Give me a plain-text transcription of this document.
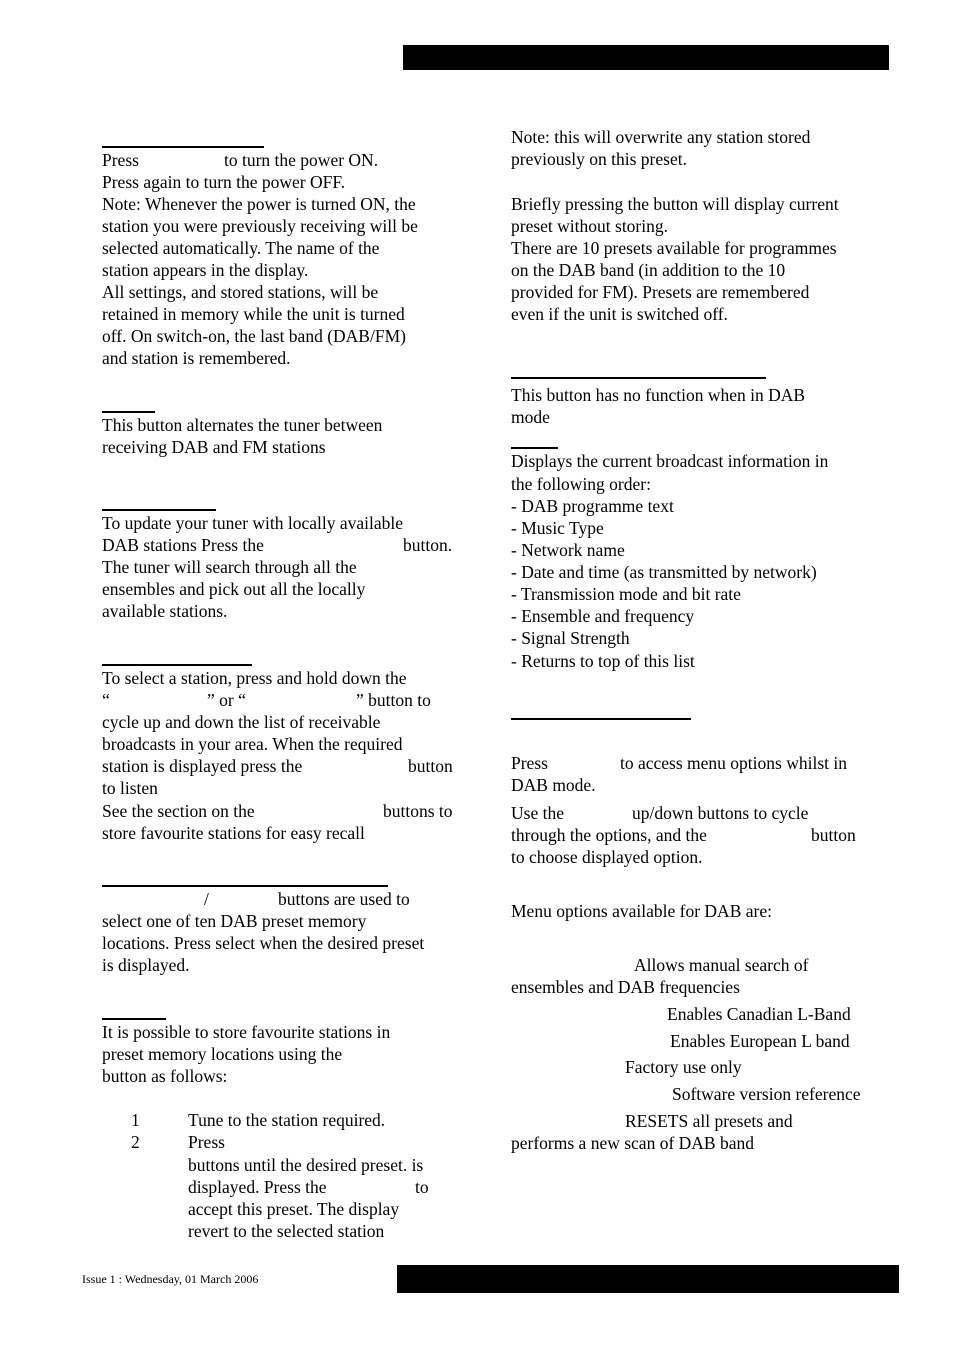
Issue 1 : Wednesday, 01 March 2006
Press	to turn the power ON.
Press again to turn the power OFF.
Note: Whenever the power is turned ON, the
station you were previously receiving will be
selected automatically. The name of the
station appears in the display.
All settings, and stored stations, will be
retained in memory while the unit is turned
off. On switch-on, the last band (DAB/FM)
and station is remembered.
This button alternates the tuner between
receiving DAB and FM stations
To update your tuner with locally available
DAB stations Press the	button.
The tuner will search through all the
ensembles and pick out all the locally
available stations.
To select a station, press and hold down the
“	” or “	” button to
cycle up and down the list of receivable
broadcasts in your area. When the required
station is displayed press the	button
to listen
See the section on the	buttons to
store favourite stations for easy recall
/	buttons are used to
select one of ten DAB preset memory
locations. Press select when the desired preset
is displayed.
It is possible to store favourite stations in
preset memory locations using the
button as follows:
1	Tune to the station required.
2	Press
buttons until the desired preset. is
displayed. Press the	to
accept this preset. The display
revert to the selected station
Note: this will overwrite any station stored
previously on this preset.
Briefly pressing the button will display current
preset without storing.
There are 10 presets available for programmes
on the DAB band (in addition to the 10
provided for FM). Presets are remembered
even if the unit is switched off.
This button has no function when in DAB
mode
Displays the current broadcast information in
the following order:
- DAB programme text
- Music Type
- Network name
- Date and time (as transmitted by network)
- Transmission mode and bit rate
- Ensemble and frequency
- Signal Strength
- Returns to top of this list
Press	to access menu options whilst in
DAB mode.
Use the	up/down buttons to cycle
through the options, and the	button
to choose displayed option.
Menu options available for DAB are:
Allows manual search of
ensembles and DAB frequencies
Enables Canadian L-Band
Enables European L band
Factory use only
Software version reference
RESETS all presets and
performs a new scan of DAB band
